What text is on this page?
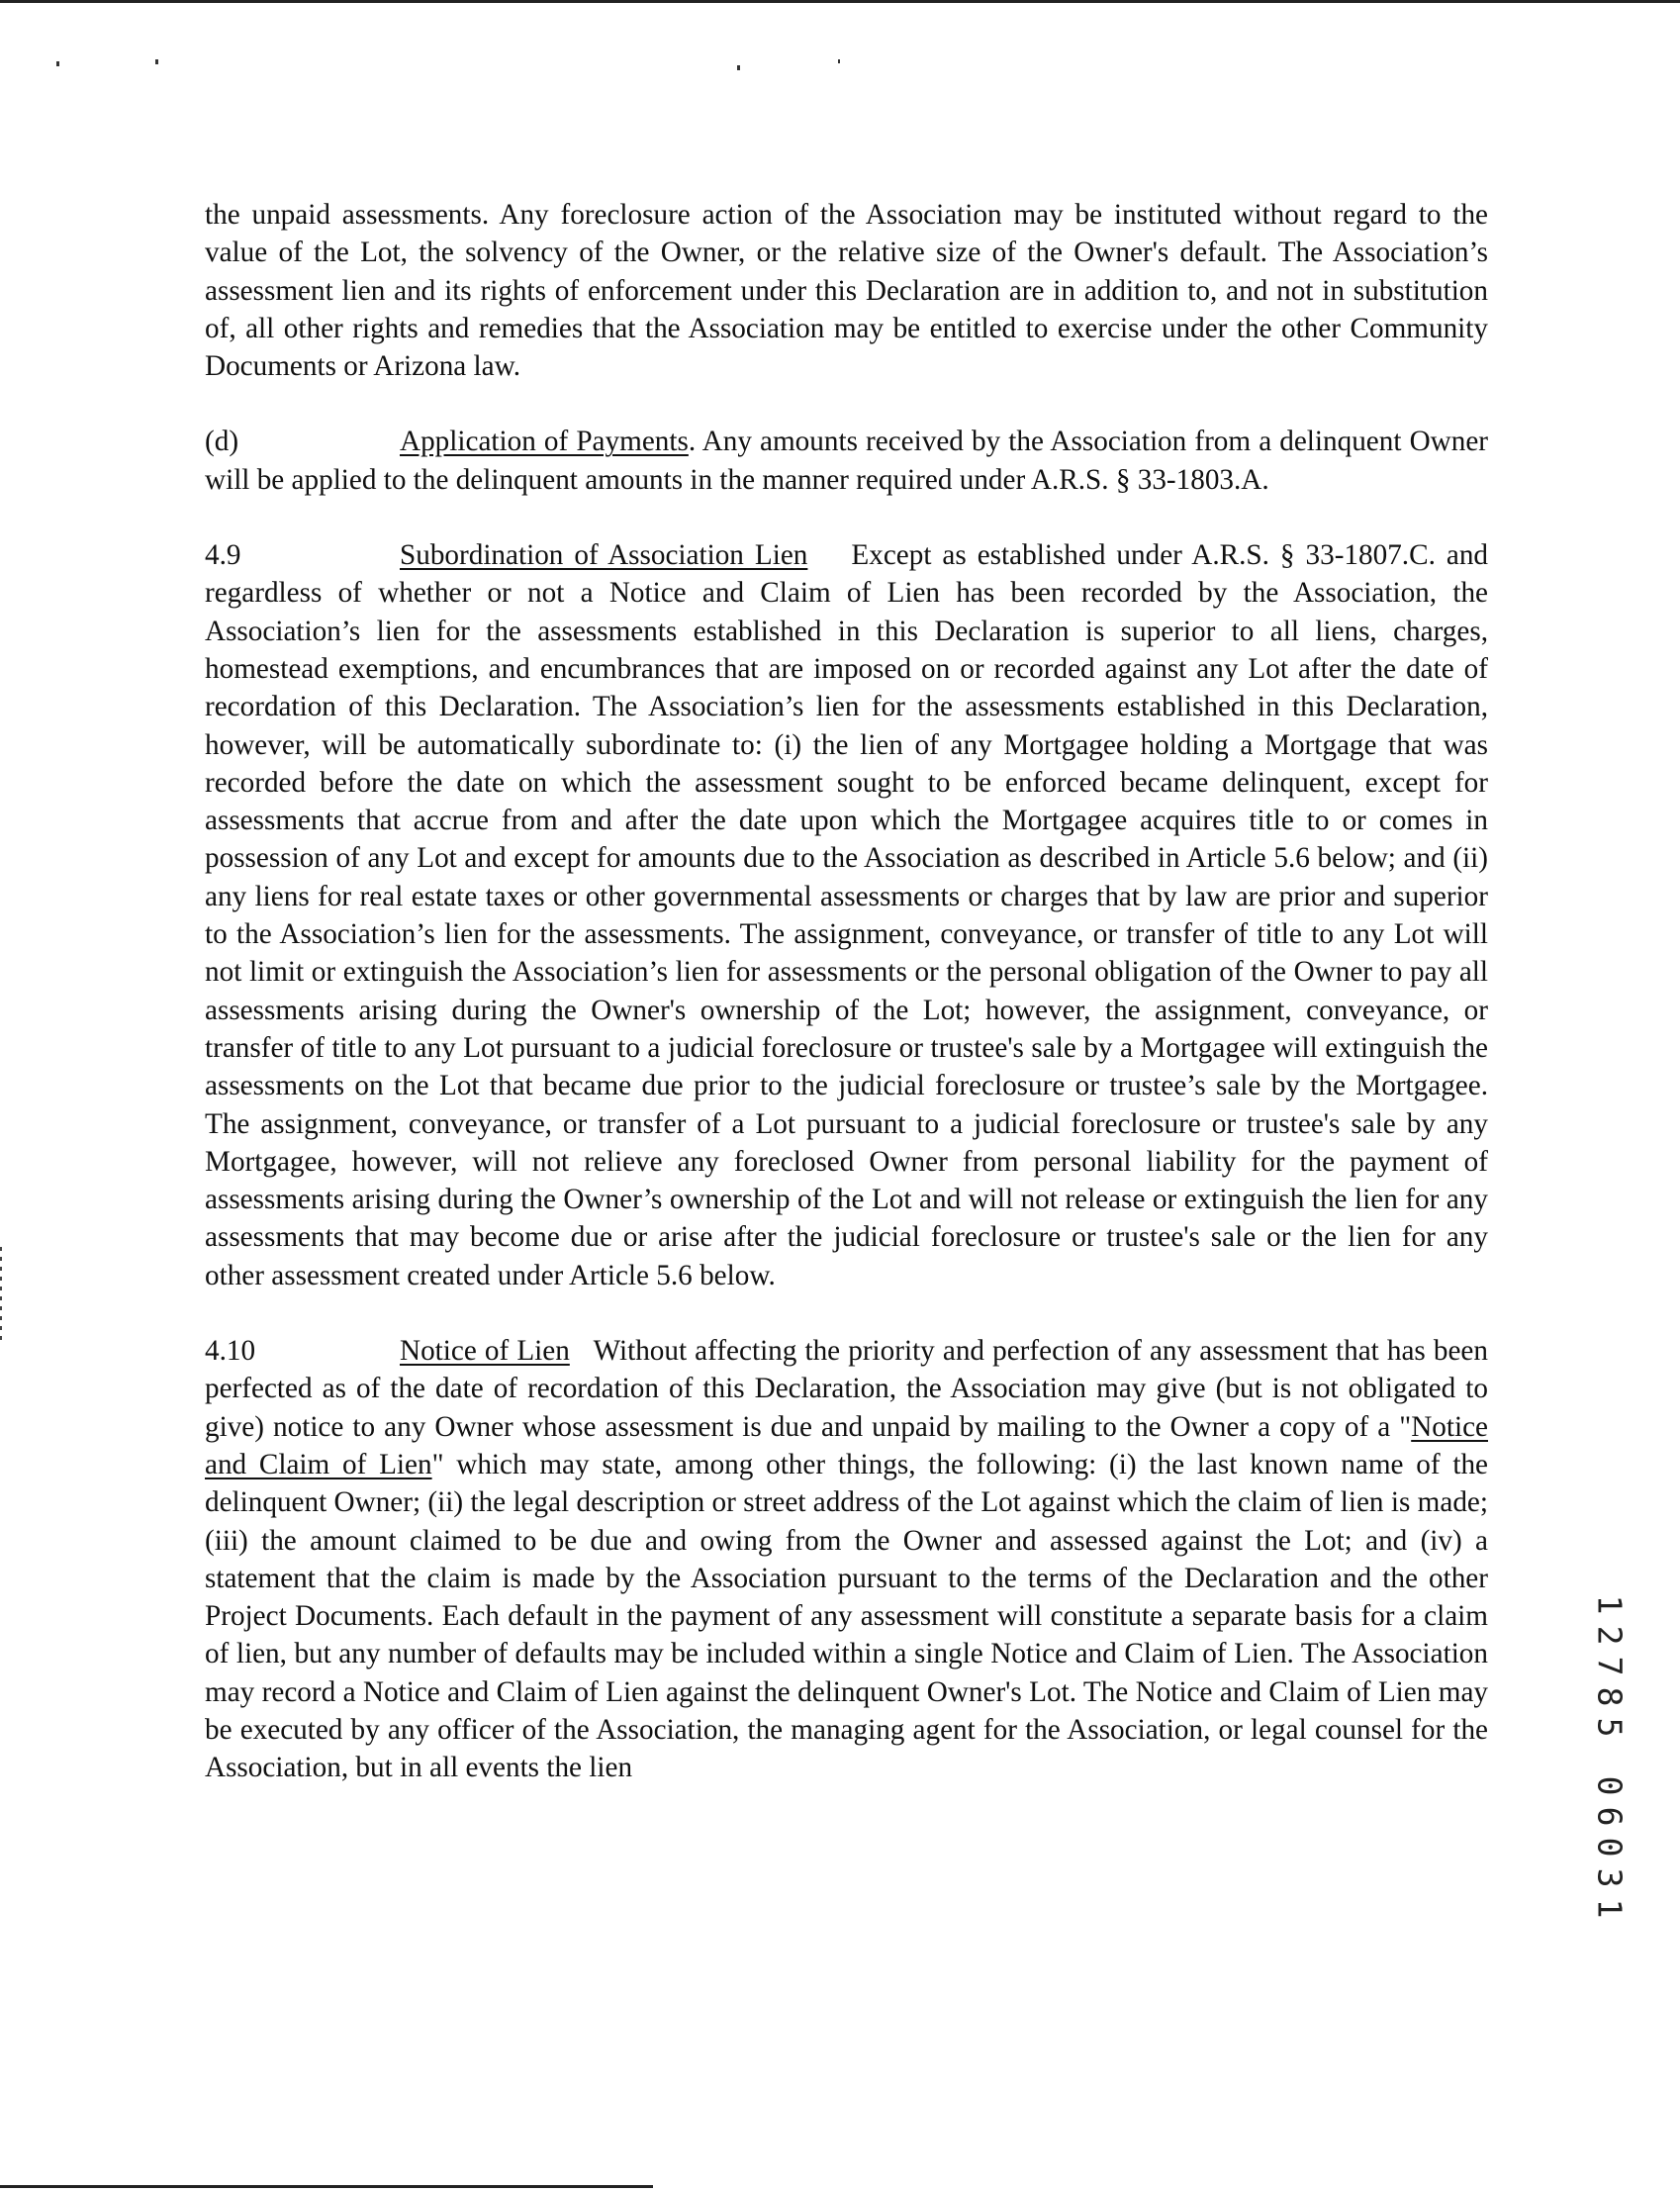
the unpaid assessments. Any foreclosure action of the Association may be instituted without regard to the value of the Lot, the solvency of the Owner, or the relative size of the Owner's default. The Association’s assessment lien and its rights of enforcement under this Declaration are in addition to, and not in substitution of, all other rights and remedies that the Association may be entitled to exercise under the other Community Documents or Arizona law.

(d)	Application of Payments. Any amounts received by the Association from a delinquent Owner will be applied to the delinquent amounts in the manner required under A.R.S. § 33-1803.A.

4.9	Subordination of Association Lien Except as established under A.R.S. § 33-1807.C. and regardless of whether or not a Notice and Claim of Lien has been recorded by the Association, the Association’s lien for the assessments established in this Declaration is superior to all liens, charges, homestead exemptions, and encumbrances that are imposed on or recorded against any Lot after the date of recordation of this Declaration. The Association’s lien for the assessments established in this Declaration, however, will be automatically subordinate to: (i) the lien of any Mortgagee holding a Mortgage that was recorded before the date on which the assessment sought to be enforced became delinquent, except for assessments that accrue from and after the date upon which the Mortgagee acquires title to or comes in possession of any Lot and except for amounts due to the Association as described in Article 5.6 below; and (ii) any liens for real estate taxes or other governmental assessments or charges that by law are prior and superior to the Association’s lien for the assessments. The assignment, conveyance, or transfer of title to any Lot will not limit or extinguish the Association’s lien for assessments or the personal obligation of the Owner to pay all assessments arising during the Owner's ownership of the Lot; however, the assignment, conveyance, or transfer of title to any Lot pursuant to a judicial foreclosure or trustee's sale by a Mortgagee will extinguish the assessments on the Lot that became due prior to the judicial foreclosure or trustee’s sale by the Mortgagee. The assignment, conveyance, or transfer of a Lot pursuant to a judicial foreclosure or trustee's sale by any Mortgagee, however, will not relieve any foreclosed Owner from personal liability for the payment of assessments arising during the Owner’s ownership of the Lot and will not release or extinguish the lien for any assessments that may become due or arise after the judicial foreclosure or trustee's sale or the lien for any other assessment created under Article 5.6 below.

4.10	Notice of Lien Without affecting the priority and perfection of any assessment that has been perfected as of the date of recordation of this Declaration, the Association may give (but is not obligated to give) notice to any Owner whose assessment is due and unpaid by mailing to the Owner a copy of a "Notice and Claim of Lien" which may state, among other things, the following: (i) the last known name of the delinquent Owner; (ii) the legal description or street address of the Lot against which the claim of lien is made; (iii) the amount claimed to be due and owing from the Owner and assessed against the Lot; and (iv) a statement that the claim is made by the Association pursuant to the terms of the Declaration and the other Project Documents. Each default in the payment of any assessment will constitute a separate basis for a claim of lien, but any number of defaults may be included within a single Notice and Claim of Lien. The Association may record a Notice and Claim of Lien against the delinquent Owner's Lot. The Notice and Claim of Lien may be executed by any officer of the Association, the managing agent for the Association, or legal counsel for the Association, but in all events the lien

1
2
7
8
5
0
6
0
3
1
